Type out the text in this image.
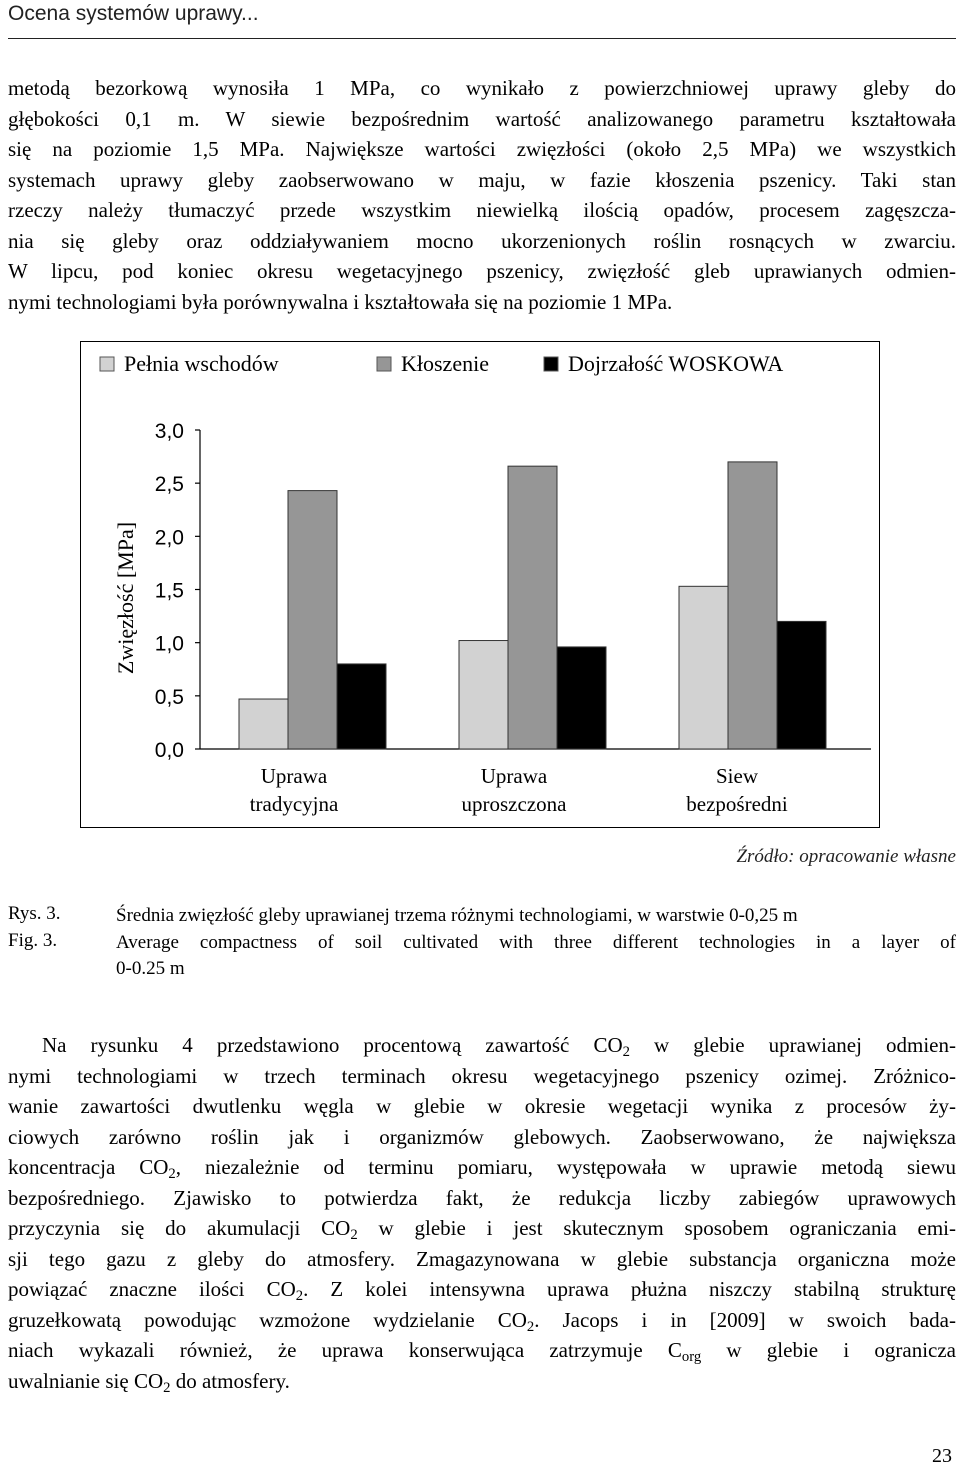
Ocena systemów uprawy...
metodą bezorkową wynosiła 1 MPa, co wynikało z powierzchniowej uprawy gleby do
głębokości 0,1 m. W siewie bezpośrednim wartość analizowanego parametru kształtowała
się na poziomie 1,5 MPa. Największe wartości zwięzłości (około 2,5 MPa) we wszystkich
systemach uprawy gleby zaobserwowano w maju, w fazie kłoszenia pszenicy. Taki stan
rzeczy należy tłumaczyć przede wszystkim niewielką ilością opadów, procesem zagęszcza-
nia się gleby oraz oddziaływaniem mocno ukorzenionych roślin rosnących w zwarciu.
W lipcu, pod koniec okresu wegetacyjnego pszenicy, zwięzłość gleb uprawianych odmien-
nymi technologiami była porównywalna i kształtowała się na poziomie 1 MPa.
Pełnia wschodów	Kłoszenie	Dojrzałość WOSKOWA
0,0
0,5
1,0
1,5
2,0
2,5
3,0
Uprawa
tradycyjna
Uprawa
uproszczona
Siew
bezpośredni
Zwięzłość [MPa]
Źródło: opracowanie własne
Rys. 3.	Średnia zwięzłość gleby uprawianej trzema różnymi technologiami, w warstwie 0-0,25 m
Fig. 3.	Average compactness of soil cultivated with three different technologies in a layer of
0-0.25 m
Na rysunku 4 przedstawiono procentową zawartość $CO_2$ w glebie uprawianej odmien-
nymi technologiami w trzech terminach okresu wegetacyjnego pszenicy ozimej. Zróżnico-
wanie zawartości dwutlenku węgla w glebie w okresie wegetacji wynika z procesów ży-
ciowych zarówno roślin jak i organizmów glebowych. Zaobserwowano, że największa
koncentracja $CO_2$, niezależnie od terminu pomiaru, występowała w uprawie metodą siewu
bezpośredniego. Zjawisko to potwierdza fakt, że redukcja liczby zabiegów uprawowych
przyczynia się do akumulacji $CO_2$ w glebie i jest skutecznym sposobem ograniczania emi-
sji tego gazu z gleby do atmosfery. Zmagazynowana w glebie substancja organiczna może
powiązać znaczne ilości $CO_2$. Z kolei intensywna uprawa płużna niszczy stabilną strukturę
gruzełkowatą powodując wzmożone wydzielanie $CO_2$. Jacops i in [2009] w swoich bada-
niach wykazali również, że uprawa konserwująca zatrzymuje $C_{org}$ w glebie i ogranicza
uwalnianie się $CO_2$ do atmosfery.
23
